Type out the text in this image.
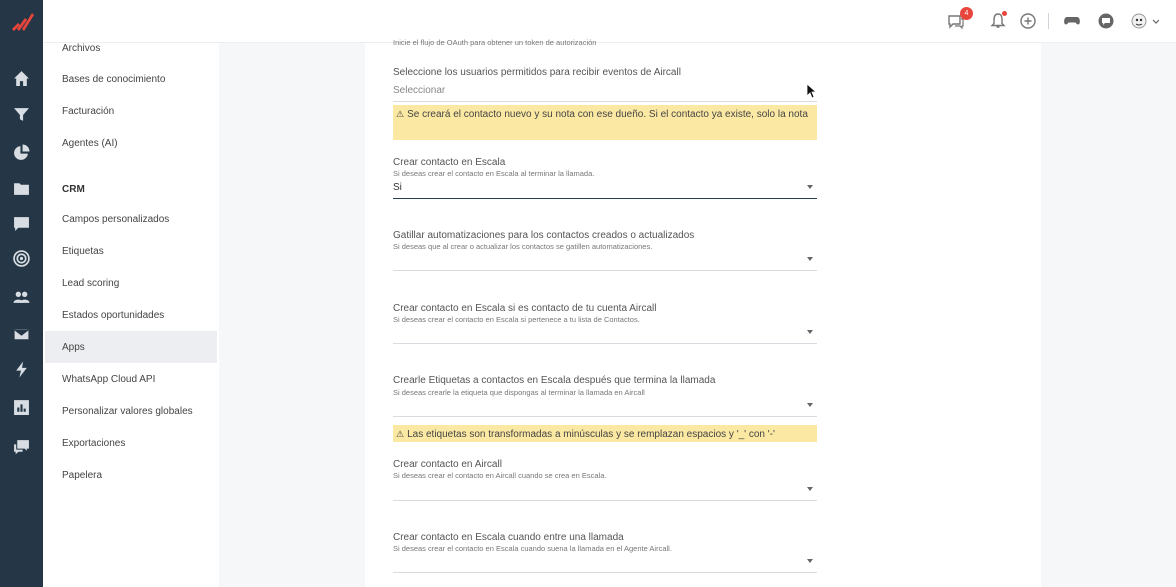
4
Archivos
Bases de conocimiento
Facturación
Agentes (AI)
CRM
Campos personalizados
Etiquetas
Lead scoring
Estados oportunidades
Apps
WhatsApp Cloud API
Personalizar valores globales
Exportaciones
Papelera
Inicie el flujo de OAuth para obtener un token de autorización
Seleccione los usuarios permitidos para recibir eventos de Aircall
Seleccionar
⚠ Se creará el contacto nuevo y su nota con ese dueño. Si el contacto ya existe, solo la nota
Crear contacto en Escala
Si deseas crear el contacto en Escala al terminar la llamada.
Si
Gatillar automatizaciones para los contactos creados o actualizados
Si deseas que al crear o actualizar los contactos se gatillen automatizaciones.
Crear contacto en Escala si es contacto de tu cuenta Aircall
Si deseas crear el contacto en Escala si pertenece a tu lista de Contactos.
Crearle Etiquetas a contactos en Escala después que termina la llamada
Si deseas crearle la etiqueta que dispongas al terminar la llamada en Aircall
⚠ Las etiquetas son transformadas a minúsculas y se remplazan espacios y '_' con '-'
Crear contacto en Aircall
Si deseas crear el contacto en Aircall cuando se crea en Escala.
Crear contacto en Escala cuando entre una llamada
Si deseas crear el contacto en Escala cuando suena la llamada en el Agente Aircall.
